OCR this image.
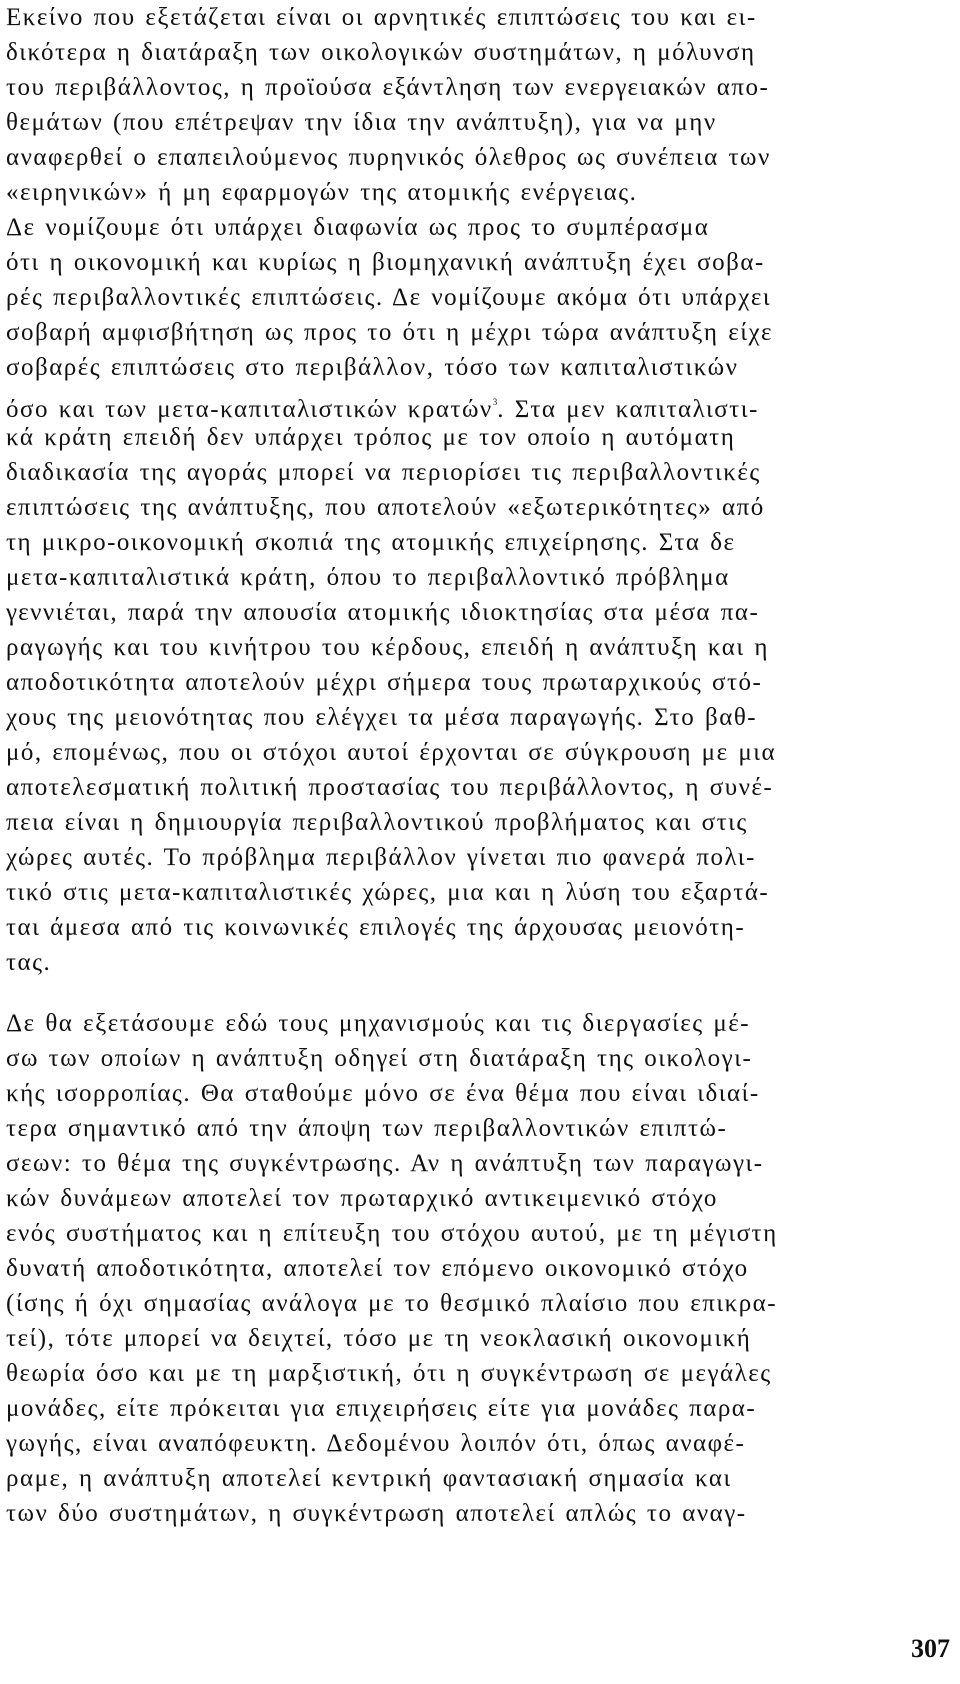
Εκείνο που εξετάζεται είναι οι αρνητικές επιπτώσεις του και ει-
δικότερα η διατάραξη των οικολογικών συστημάτων, η μόλυνση
του περιβάλλοντος, η προϊούσα εξάντληση των ενεργειακών απο-
θεμάτων (που επέτρεψαν την ίδια την ανάπτυξη), για να μην
αναφερθεί ο επαπειλούμενος πυρηνικός όλεθρος ως συνέπεια των
«ειρηνικών» ή μη εφαρμογών της ατομικής ενέργειας.
Δε νομίζουμε ότι υπάρχει διαφωνία ως προς το συμπέρασμα
ότι η οικονομική και κυρίως η βιομηχανική ανάπτυξη έχει σοβα-
ρές περιβαλλοντικές επιπτώσεις. Δε νομίζουμε ακόμα ότι υπάρχει
σοβαρή αμφισβήτηση ως προς το ότι η μέχρι τώρα ανάπτυξη είχε
σοβαρές επιπτώσεις στο περιβάλλον, τόσο των καπιταλιστικών
όσο και των μετα-καπιταλιστικών κρατών$^3$. Στα μεν καπιταλιστι-
κά κράτη επειδή δεν υπάρχει τρόπος με τον οποίο η αυτόματη
διαδικασία της αγοράς μπορεί να περιορίσει τις περιβαλλοντικές
επιπτώσεις της ανάπτυξης, που αποτελούν «εξωτερικότητες» από
τη μικρο-οικονομική σκοπιά της ατομικής επιχείρησης. Στα δε
μετα-καπιταλιστικά κράτη, όπου το περιβαλλοντικό πρόβλημα
γεννιέται, παρά την απουσία ατομικής ιδιοκτησίας στα μέσα πα-
ραγωγής και του κινήτρου του κέρδους, επειδή η ανάπτυξη και η
αποδοτικότητα αποτελούν μέχρι σήμερα τους πρωταρχικούς στό-
χους της μειονότητας που ελέγχει τα μέσα παραγωγής. Στο βαθ-
μό, επομένως, που οι στόχοι αυτοί έρχονται σε σύγκρουση με μια
αποτελεσματική πολιτική προστασίας του περιβάλλοντος, η συνέ-
πεια είναι η δημιουργία περιβαλλοντικού προβλήματος και στις
χώρες αυτές. Το πρόβλημα περιβάλλον γίνεται πιο φανερά πολι-
τικό στις μετα-καπιταλιστικές χώρες, μια και η λύση του εξαρτά-
ται άμεσα από τις κοινωνικές επιλογές της άρχουσας μειονότη-
τας.
Δε θα εξετάσουμε εδώ τους μηχανισμούς και τις διεργασίες μέ-
σω των οποίων η ανάπτυξη οδηγεί στη διατάραξη της οικολογι-
κής ισορροπίας. Θα σταθούμε μόνο σε ένα θέμα που είναι ιδιαί-
τερα σημαντικό από την άποψη των περιβαλλοντικών επιπτώ-
σεων: το θέμα της συγκέντρωσης. Αν η ανάπτυξη των παραγωγι-
κών δυνάμεων αποτελεί τον πρωταρχικό αντικειμενικό στόχο
ενός συστήματος και η επίτευξη του στόχου αυτού, με τη μέγιστη
δυνατή αποδοτικότητα, αποτελεί τον επόμενο οικονομικό στόχο
(ίσης ή όχι σημασίας ανάλογα με το θεσμικό πλαίσιο που επικρα-
τεί), τότε μπορεί να δειχτεί, τόσο με τη νεοκλασική οικονομική
θεωρία όσο και με τη μαρξιστική, ότι η συγκέντρωση σε μεγάλες
μονάδες, είτε πρόκειται για επιχειρήσεις είτε για μονάδες παρα-
γωγής, είναι αναπόφευκτη. Δεδομένου λοιπόν ότι, όπως αναφέ-
ραμε, η ανάπτυξη αποτελεί κεντρική φαντασιακή σημασία και
των δύο συστημάτων, η συγκέντρωση αποτελεί απλώς το αναγ-
307
